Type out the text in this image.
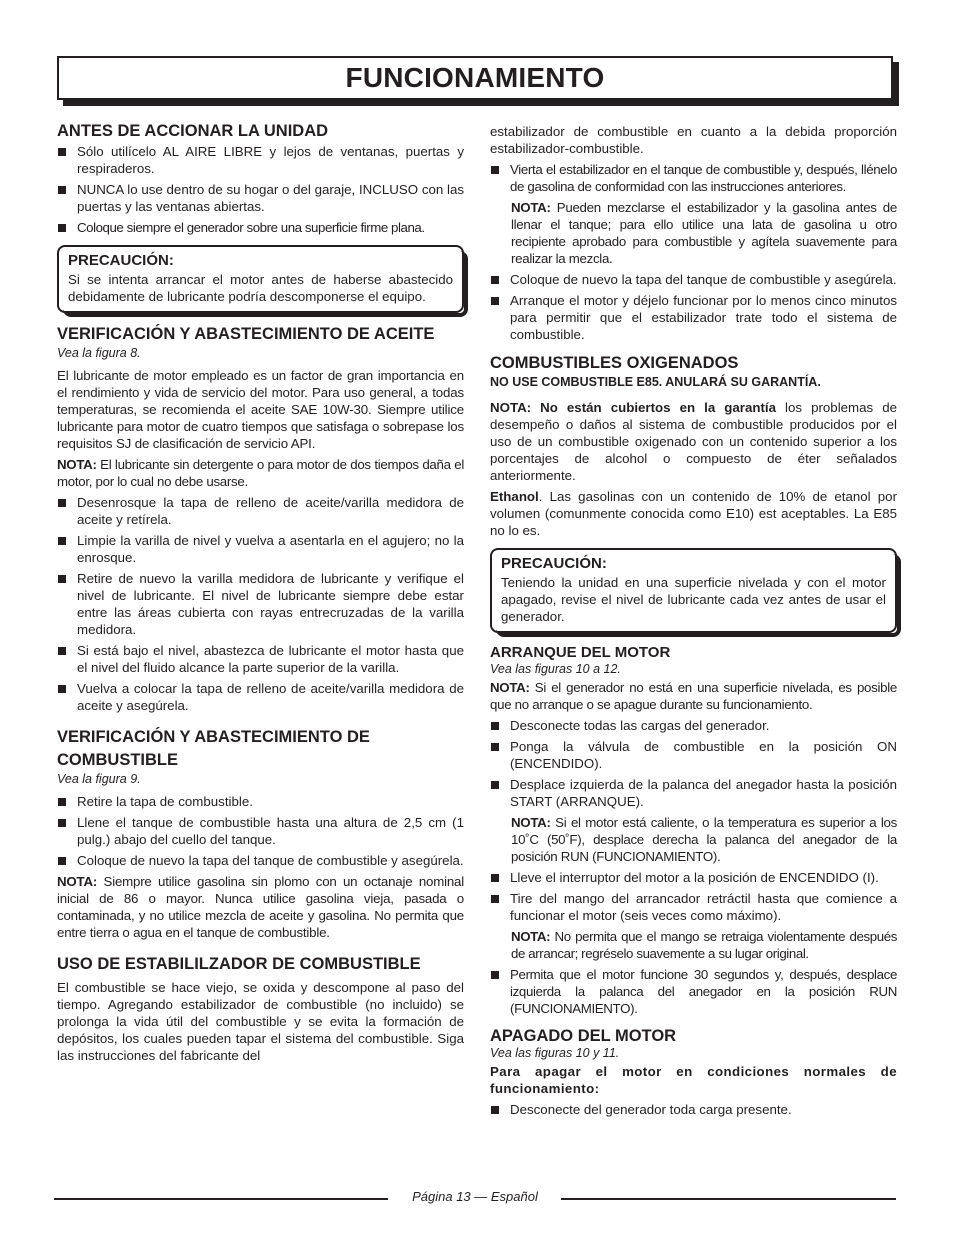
FUNCIONAMIENTO
ANTES DE ACCIONAR LA UNIDAD
Sólo utilícelo AL AIRE LIBRE y lejos de ventanas, puertas y respiraderos.
NUNCA lo use dentro de su hogar o del garaje, INCLUSO con las puertas y las ventanas abiertas.
Coloque siempre el generador sobre una superficie firme plana.
PRECAUCIÓN:

Si se intenta arrancar el motor antes de haberse abastecido debidamente de lubricante podría descomponerse el equipo.

VERIFICACIÓN Y ABASTECIMIENTO DE ACEITE
Vea la figura 8.

El lubricante de motor empleado es un factor de gran importancia en el rendimiento y vida de servicio del motor. Para uso general, a todas temperaturas, se recomienda el aceite SAE 10W-30. Siempre utilice lubricante para motor de cuatro tiempos que satisfaga o sobrepase los requisitos SJ de clasificación de servicio API.

NOTA: El lubricante sin detergente o para motor de dos tiempos daña el motor, por lo cual no debe usarse.

Desenrosque la tapa de relleno de aceite/varilla medidora de aceite y retírela.
Limpie la varilla de nivel y vuelva a asentarla en el agujero; no la enrosque.
Retire de nuevo la varilla medidora de lubricante y verifique el nivel de lubricante. El nivel de lubricante siempre debe estar entre las áreas cubierta con rayas entrecruzadas de la varilla medidora.
Si está bajo el nivel, abastezca de lubricante el motor hasta que el nivel del fluido alcance la parte superior de la varilla.
Vuelva a colocar la tapa de relleno de aceite/varilla medidora de aceite y asegúrela.
VERIFICACIÓN Y ABASTECIMIENTO DE COMBUSTIBLE
Vea la figura 9.
Retire la tapa de combustible.
Llene el tanque de combustible hasta una altura de 2,5 cm (1 pulg.) abajo del cuello del tanque.
Coloque de nuevo la tapa del tanque de combustible y asegúrela.

NOTA: Siempre utilice gasolina sin plomo con un octanaje nominal inicial de 86 o mayor. Nunca utilice gasolina vieja, pasada o contaminada, y no utilice mezcla de aceite y gasolina. No permita que entre tierra o agua en el tanque de combustible.

USO DE ESTABILILZADOR DE COMBUSTIBLE

El combustible se hace viejo, se oxida y descompone al paso del tiempo. Agregando estabilizador de combustible (no incluido) se prolonga la vida útil del combustible y se evita la formación de depósitos, los cuales pueden tapar el sistema del combustible. Siga las instrucciones del fabricante del

estabilizador de combustible en cuanto a la debida proporción estabilizador-combustible.

Vierta el estabilizador en el tanque de combustible y, después, llénelo de gasolina de conformidad con las instrucciones anteriores.

NOTA: Pueden mezclarse el estabilizador y la gasolina antes de llenar el tanque; para ello utilice una lata de gasolina u otro recipiente aprobado para combustible y agítela suavemente para realizar la mezcla.

Coloque de nuevo la tapa del tanque de combustible y asegúrela.
Arranque el motor y déjelo funcionar por lo menos cinco minutos para permitir que el estabilizador trate todo el sistema de combustible.
COMBUSTIBLES OXIGENADOS

NO USE COMBUSTIBLE E85. ANULARÁ SU GARANTÍA.

NOTA: No están cubiertos en la garantía los problemas de desempeño o daños al sistema de combustible producidos por el uso de un combustible oxigenado con un contenido superior a los porcentajes de alcohol o compuesto de éter señalados anteriormente.

Ethanol. Las gasolinas con un contenido de 10% de etanol por volumen (comunmente conocida como E10) est aceptables. La E85 no lo es.

PRECAUCIÓN:

Teniendo la unidad en una superficie nivelada y con el motor apagado, revise el nivel de lubricante cada vez antes de usar el generador.

ARRANQUE DEL MOTOR
Vea las figuras 10 a 12.

NOTA: Si el generador no está en una superficie nivelada, es posible que no arranque o se apague durante su funcionamiento.

Desconecte todas las cargas del generador.
Ponga la válvula de combustible en la posición ON (ENCENDIDO).
Desplace izquierda de la palanca del anegador hasta la posición START (ARRANQUE).

NOTA: Si el motor está caliente, o la temperatura es superior a los 10˚C (50˚F), desplace derecha la palanca del anegador de la posición RUN (FUNCIONAMIENTO).

Lleve el interruptor del motor a la posición de ENCENDIDO (I).
Tire del mango del arrancador retráctil hasta que comience a funcionar el motor (seis veces como máximo).

NOTA: No permita que el mango se retraiga violentamente después de arrancar; regréselo suavemente a su lugar original.

Permita que el motor funcione 30 segundos y, después, desplace izquierda la palanca del anegador en la posición RUN (FUNCIONAMIENTO).
APAGADO DEL MOTOR
Vea las figuras 10 y 11.

Para apagar el motor en condiciones normales de funcionamiento:

Desconecte del generador toda carga presente.
Página 13 — Español
